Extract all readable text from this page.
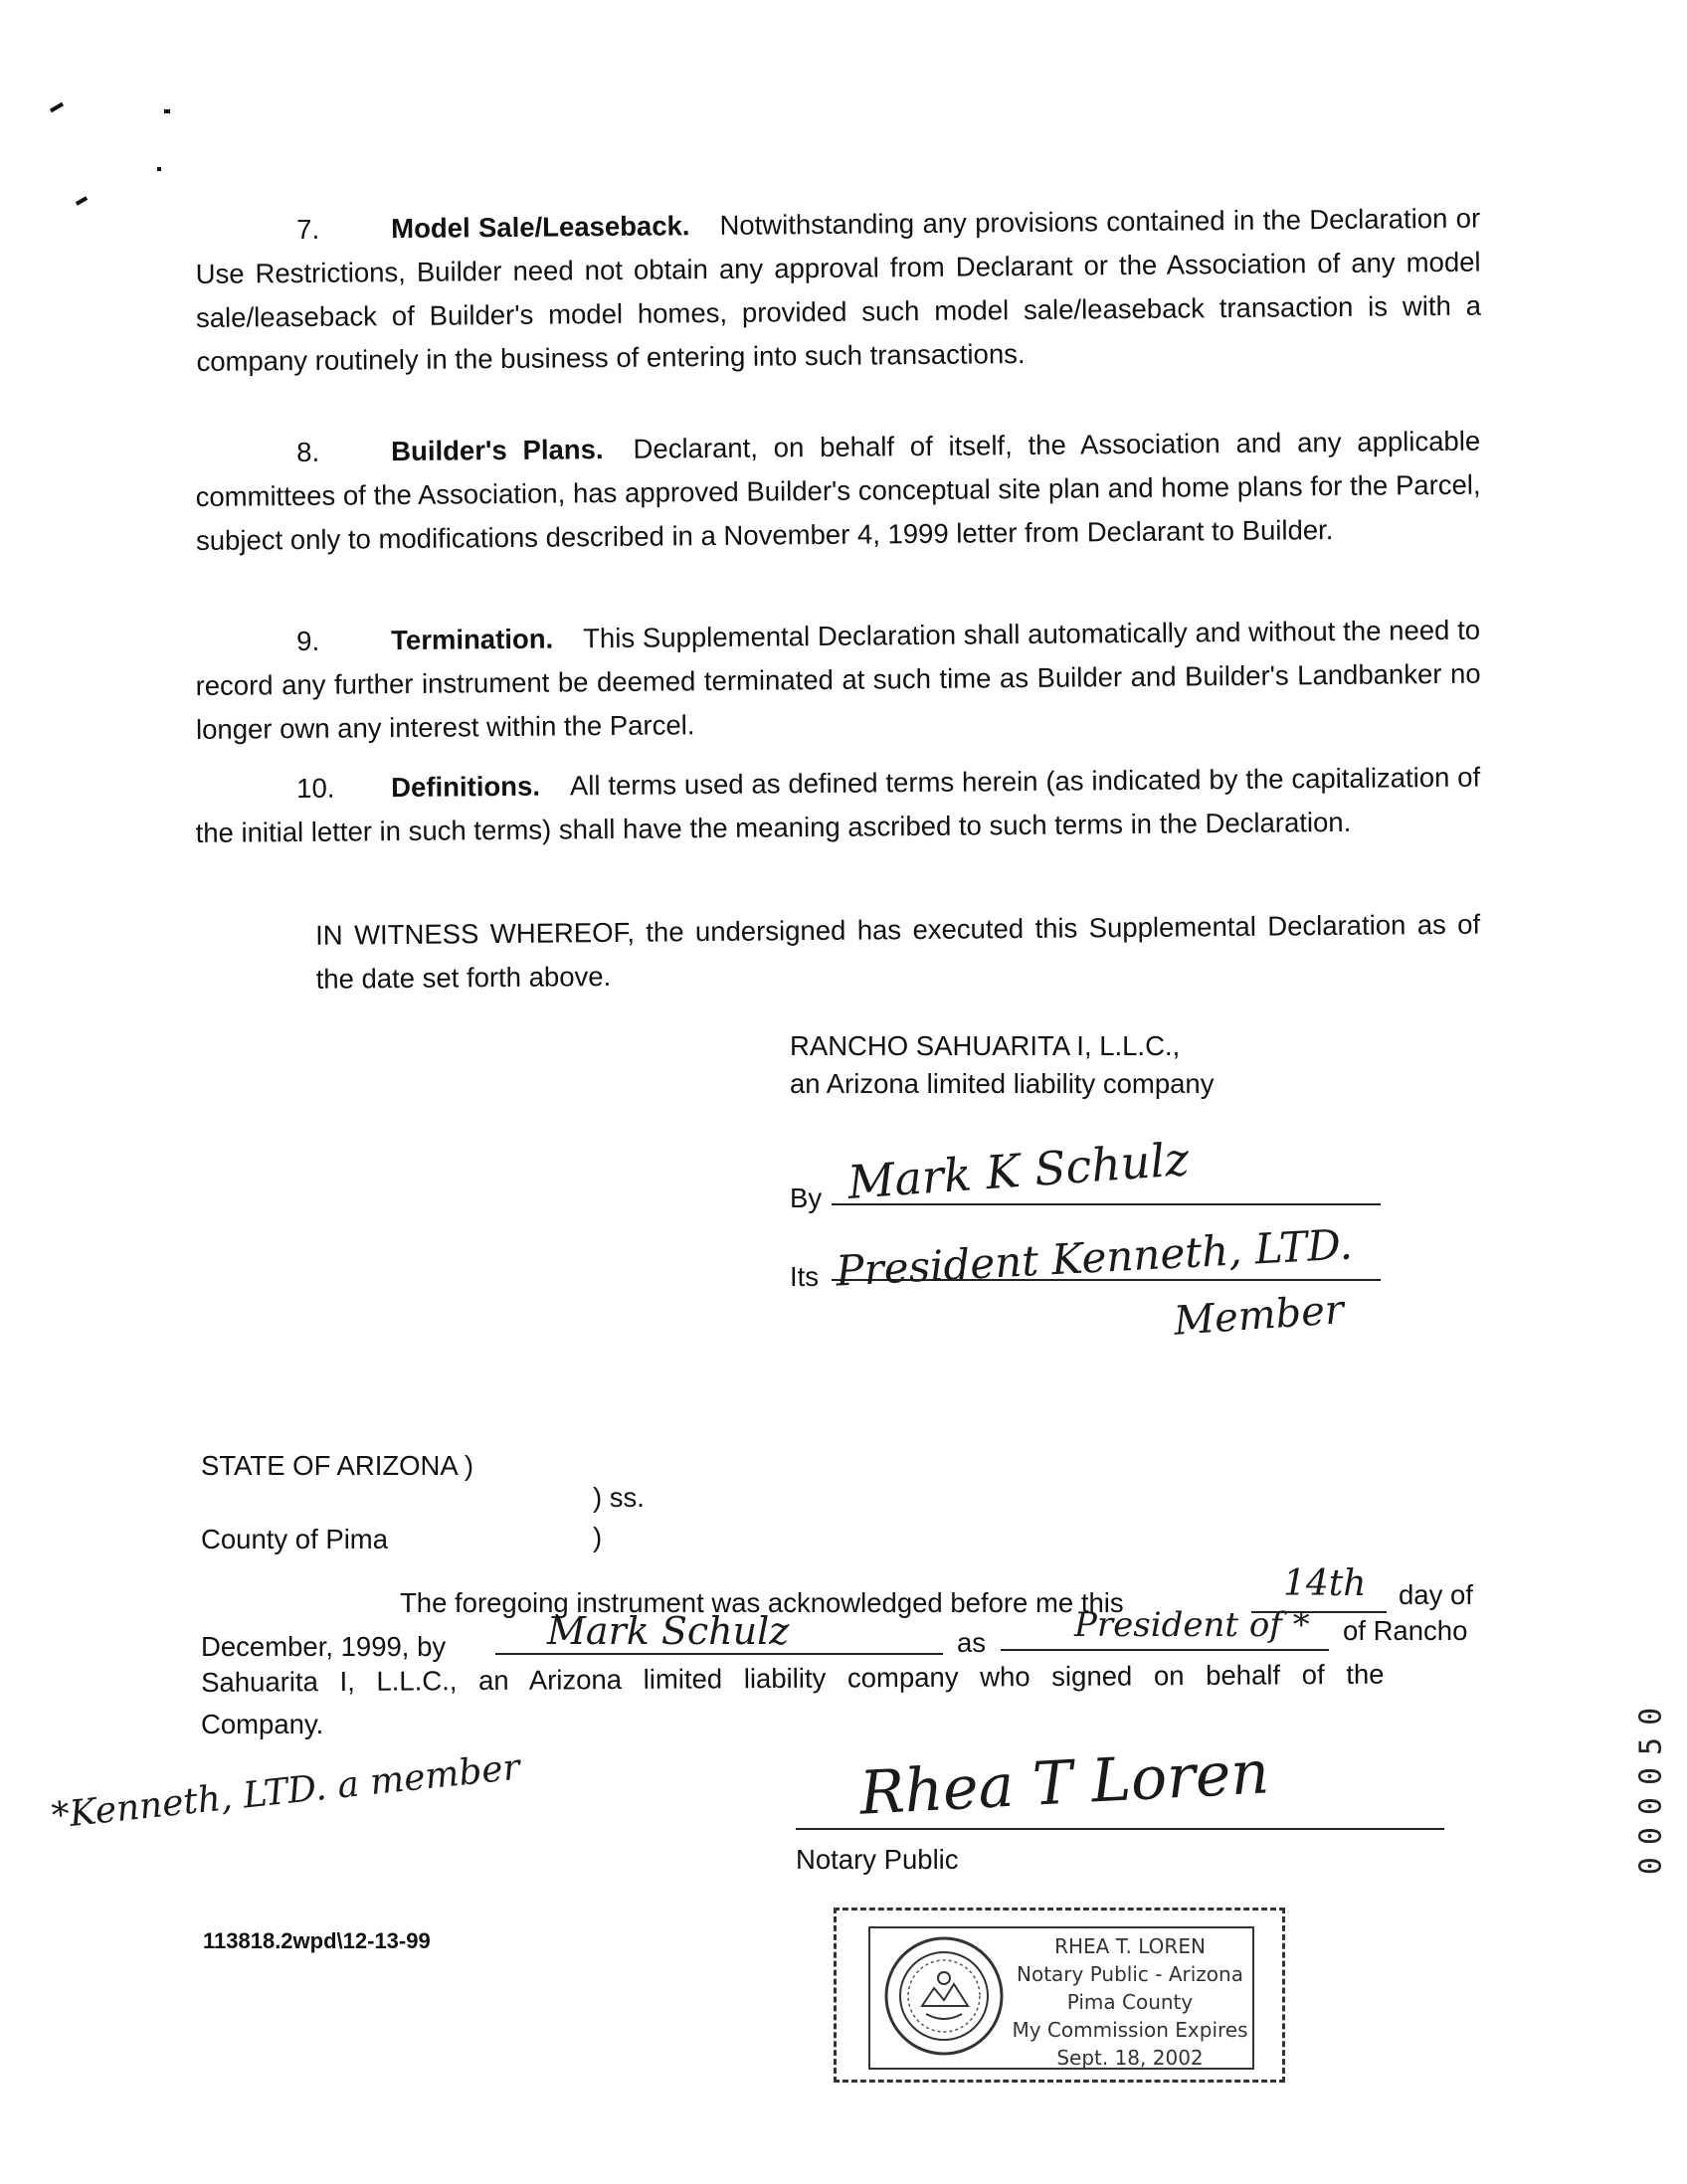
7.	Model Sale/Leaseback. Notwithstanding any provisions contained in the Declaration or Use Restrictions, Builder need not obtain any approval from Declarant or the Association of any model sale/leaseback of Builder's model homes, provided such model sale/leaseback transaction is with a company routinely in the business of entering into such transactions.
8.	Builder's Plans. Declarant, on behalf of itself, the Association and any applicable committees of the Association, has approved Builder's conceptual site plan and home plans for the Parcel, subject only to modifications described in a November 4, 1999 letter from Declarant to Builder.
9.	Termination. This Supplemental Declaration shall automatically and without the need to record any further instrument be deemed terminated at such time as Builder and Builder's Landbanker no longer own any interest within the Parcel.
10. Definitions. All terms used as defined terms herein (as indicated by the capitalization of the initial letter in such terms) shall have the meaning ascribed to such terms in the Declaration.
IN WITNESS WHEREOF, the undersigned has executed this Supplemental Declaration as of the date set forth above.
RANCHO SAHUARITA I, L.L.C.,
an Arizona limited liability company
By Mark K Schulz
Its President Kenneth, LTD.
Member
STATE OF ARIZONA )
) ss.
County of Pima	)
The foregoing instrument was acknowledged before me this	14th day of
December, 1999, by	Mark Schulz	as	President of * of Rancho
Sahuarita I, L.L.C., an Arizona limited liability company who signed on behalf of the
Company.
*Kenneth, LTD. a member	Rhea T Loren
Notary Public
113818.2wpd\12-13-99	RHEA T. LOREN
Notary Public - Arizona
Pima County
My Commission Expires
Sept. 18, 2002
000050
